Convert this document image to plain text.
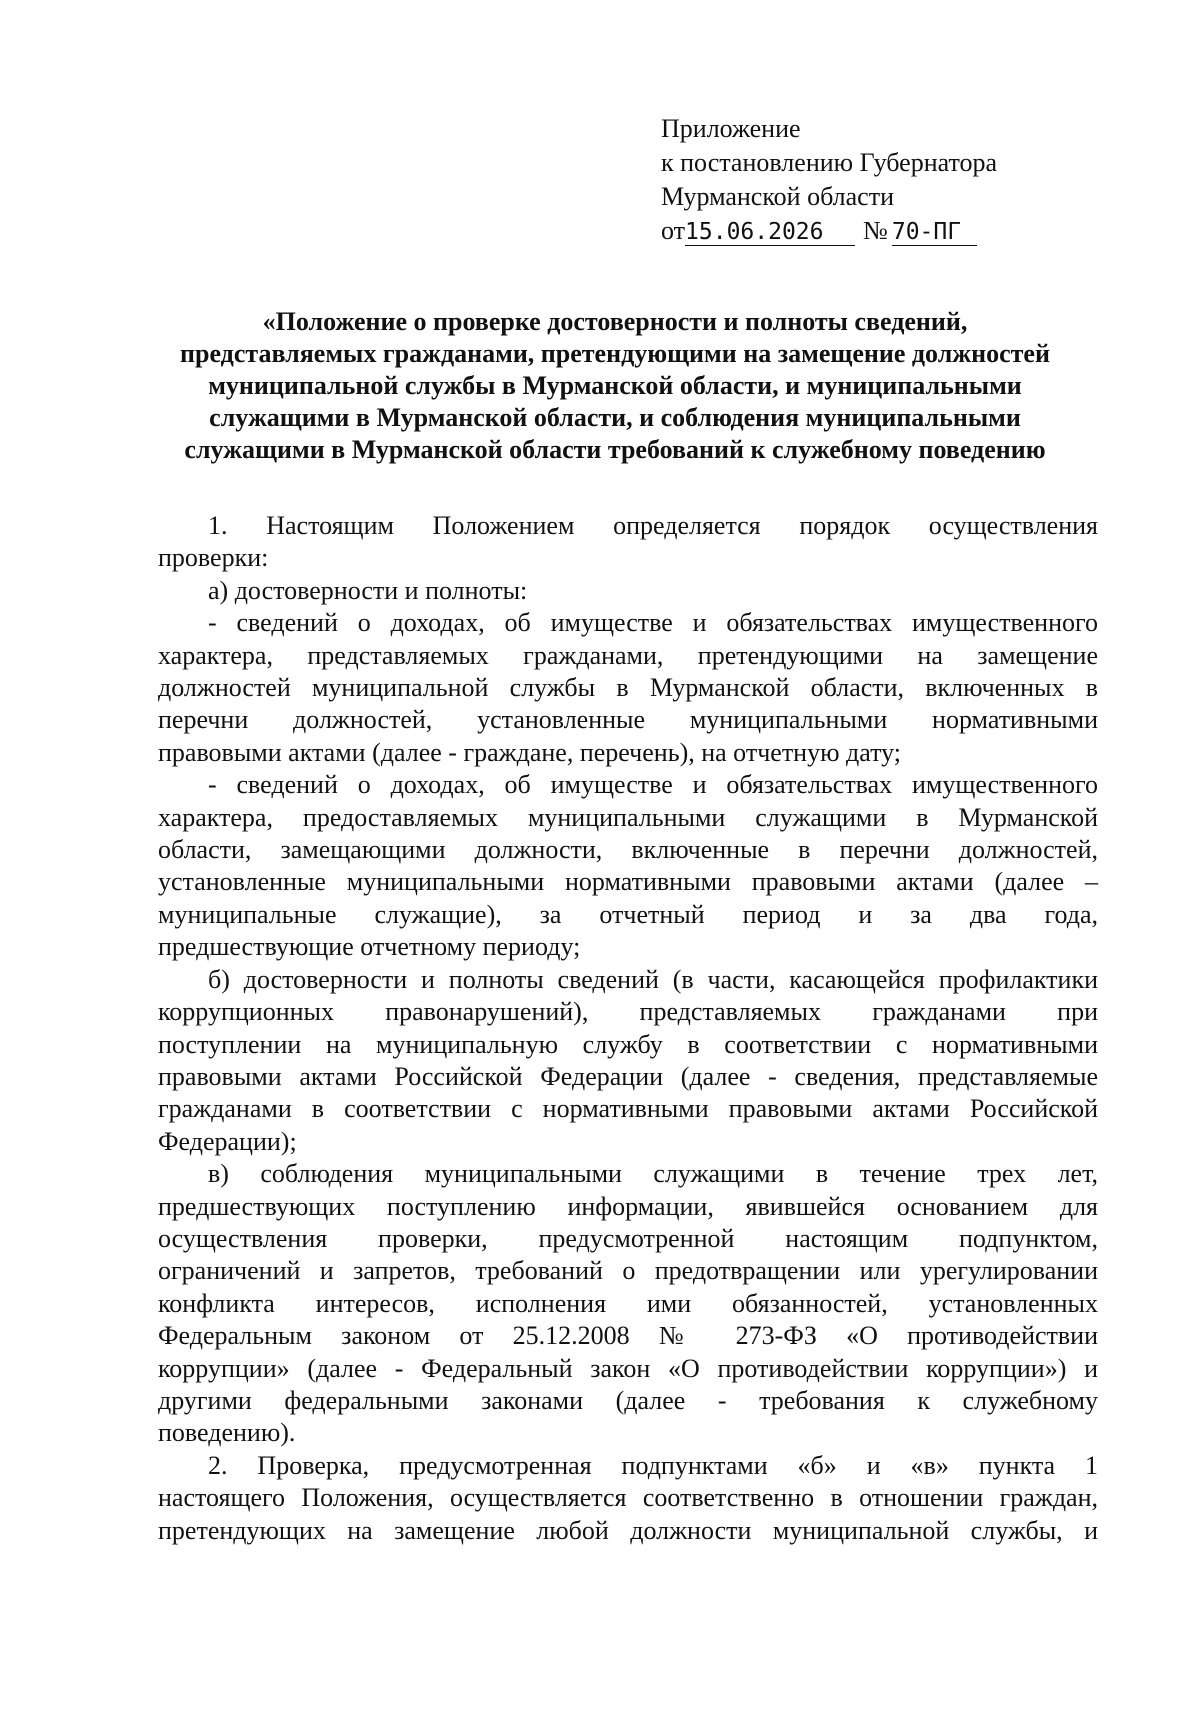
Приложение
к постановлению Губернатора
Мурманской области
от15.06.2026 № 70-ПГ
«Положение о проверке достоверности и полноты сведений,
представляемых гражданами, претендующими на замещение должностей
муниципальной службы в Мурманской области, и муниципальными
служащими в Мурманской области, и соблюдения муниципальными
служащими в Мурманской области требований к служебному поведению

1. Настоящим Положением определяется порядок осуществления
проверки:

а) достоверности и полноты:

- сведений о доходах, об имуществе и обязательствах имущественного
характера, представляемых гражданами, претендующими на замещение
должностей муниципальной службы в Мурманской области, включенных в
перечни должностей, установленные муниципальными нормативными
правовыми актами (далее - граждане, перечень), на отчетную дату;

- сведений о доходах, об имуществе и обязательствах имущественного
характера, предоставляемых муниципальными служащими в Мурманской
области, замещающими должности, включенные в перечни должностей,
установленные муниципальными нормативными правовыми актами (далее –
муниципальные служащие), за отчетный период и за два года,
предшествующие отчетному периоду;

б) достоверности и полноты сведений (в части, касающейся профилактики
коррупционных правонарушений), представляемых гражданами при
поступлении на муниципальную службу в соответствии с нормативными
правовыми актами Российской Федерации (далее - сведения, представляемые
гражданами в соответствии с нормативными правовыми актами Российской
Федерации);

в) соблюдения муниципальными служащими в течение трех лет,
предшествующих поступлению информации, явившейся основанием для
осуществления проверки, предусмотренной настоящим подпунктом,
ограничений и запретов, требований о предотвращении или урегулировании
конфликта интересов, исполнения ими обязанностей, установленных
Федеральным законом от 25.12.2008 № 273-ФЗ «О противодействии
коррупции» (далее - Федеральный закон «О противодействии коррупции») и
другими федеральными законами (далее - требования к служебному
поведению).

2. Проверка, предусмотренная подпунктами «б» и «в» пункта 1
настоящего Положения, осуществляется соответственно в отношении граждан,
претендующих на замещение любой должности муниципальной службы, и
